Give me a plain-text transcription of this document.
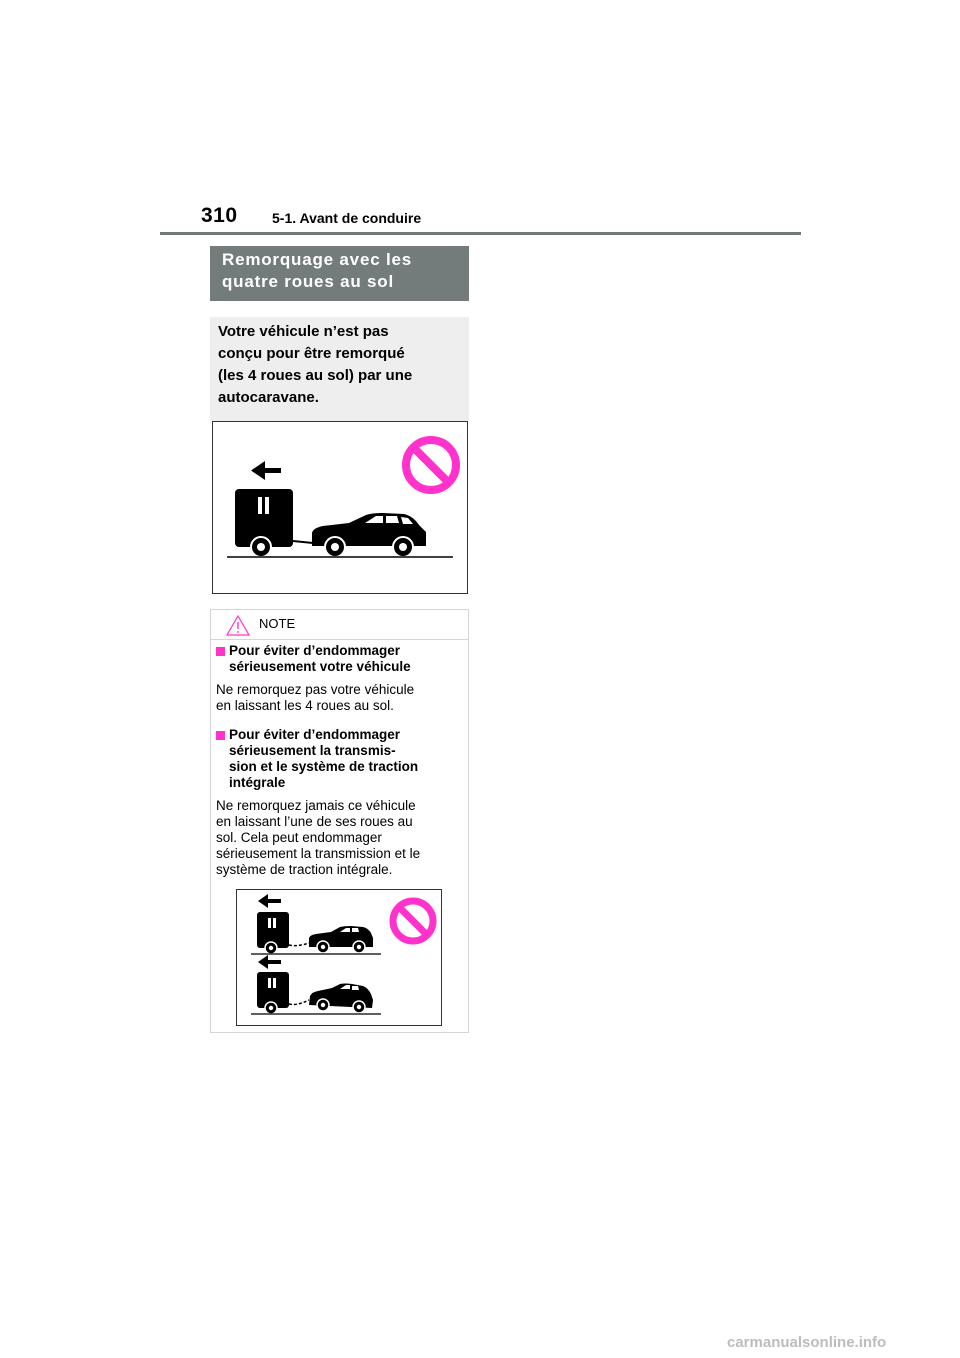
310 5-1. Avant de conduire
Remorquage avec les
quatre roues au sol
Votre véhicule n’est pas
conçu pour être remorqué
(les 4 roues au sol) par une
autocaravane.
NOTE
Pour éviter d’endommager
sérieusement votre véhicule
Ne remorquez pas votre véhicule
en laissant les 4 roues au sol.
Pour éviter d’endommager
sérieusement la transmis-
sion et le système de traction
intégrale
Ne remorquez jamais ce véhicule
en laissant l’une de ses roues au
sol. Cela peut endommager
sérieusement la transmission et le
système de traction intégrale.
carmanualsonline.info
